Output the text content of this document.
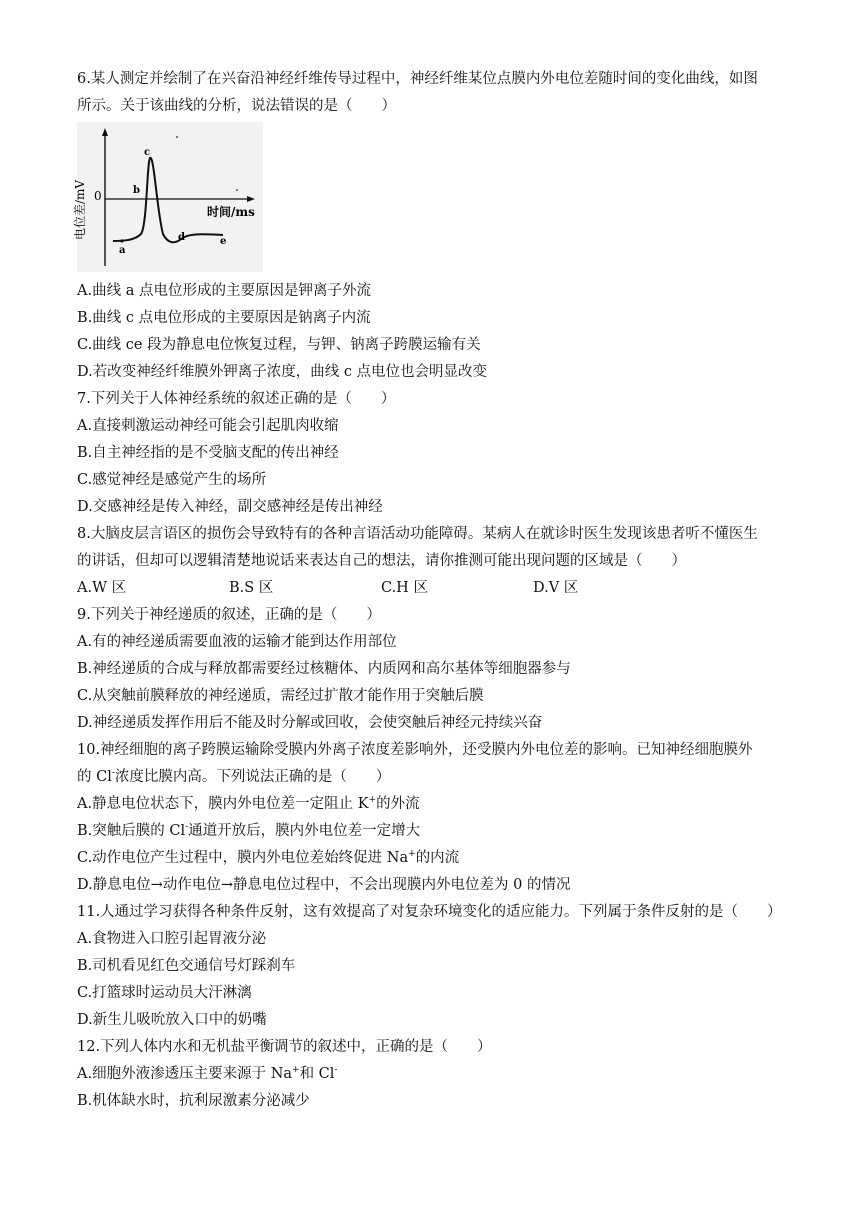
6.某人测定并绘制了在兴奋沿神经纤维传导过程中，神经纤维某位点膜内外电位差随时间的变化曲线，如图
所示。关于该曲线的分析，说法错误的是（　　）
电位差/mV 0
时间/ms
a
b
c
d	e
A.曲线 a 点电位形成的主要原因是钾离子外流
B.曲线 c 点电位形成的主要原因是钠离子内流
C.曲线 ce 段为静息电位恢复过程，与钾、钠离子跨膜运输有关
D.若改变神经纤维膜外钾离子浓度，曲线 c 点电位也会明显改变
7.下列关于人体神经系统的叙述正确的是（　　）
A.直接刺激运动神经可能会引起肌肉收缩
B.自主神经指的是不受脑支配的传出神经
C.感觉神经是感觉产生的场所
D.交感神经是传入神经，副交感神经是传出神经
8.大脑皮层言语区的损伤会导致特有的各种言语活动功能障碍。某病人在就诊时医生发现该患者听不懂医生
的讲话，但却可以逻辑清楚地说话来表达自己的想法，请你推测可能出现问题的区域是（　　）
A.W 区	B.S 区	C.H 区	D.V 区
9.下列关于神经递质的叙述，正确的是（　　）
A.有的神经递质需要血液的运输才能到达作用部位
B.神经递质的合成与释放都需要经过核糖体、内质网和高尔基体等细胞器参与
C.从突触前膜释放的神经递质，需经过扩散才能作用于突触后膜
D.神经递质发挥作用后不能及时分解或回收，会使突触后神经元持续兴奋
10.神经细胞的离子跨膜运输除受膜内外离子浓度差影响外，还受膜内外电位差的影响。已知神经细胞膜外
的 Cl-浓度比膜内高。下列说法正确的是（　　）
A.静息电位状态下，膜内外电位差一定阻止 K+的外流
B.突触后膜的 Cl-通道开放后，膜内外电位差一定增大
C.动作电位产生过程中，膜内外电位差始终促进 Na+的内流
D.静息电位→动作电位→静息电位过程中，不会出现膜内外电位差为 0 的情况
11.人通过学习获得各种条件反射，这有效提高了对复杂环境变化的适应能力。下列属于条件反射的是（　　）
A.食物进入口腔引起胃液分泌
B.司机看见红色交通信号灯踩刹车
C.打篮球时运动员大汗淋漓
D.新生儿吸吮放入口中的奶嘴
12.下列人体内水和无机盐平衡调节的叙述中，正确的是（　　）
A.细胞外液渗透压主要来源于 Na+和 Cl-
B.机体缺水时，抗利尿激素分泌减少
